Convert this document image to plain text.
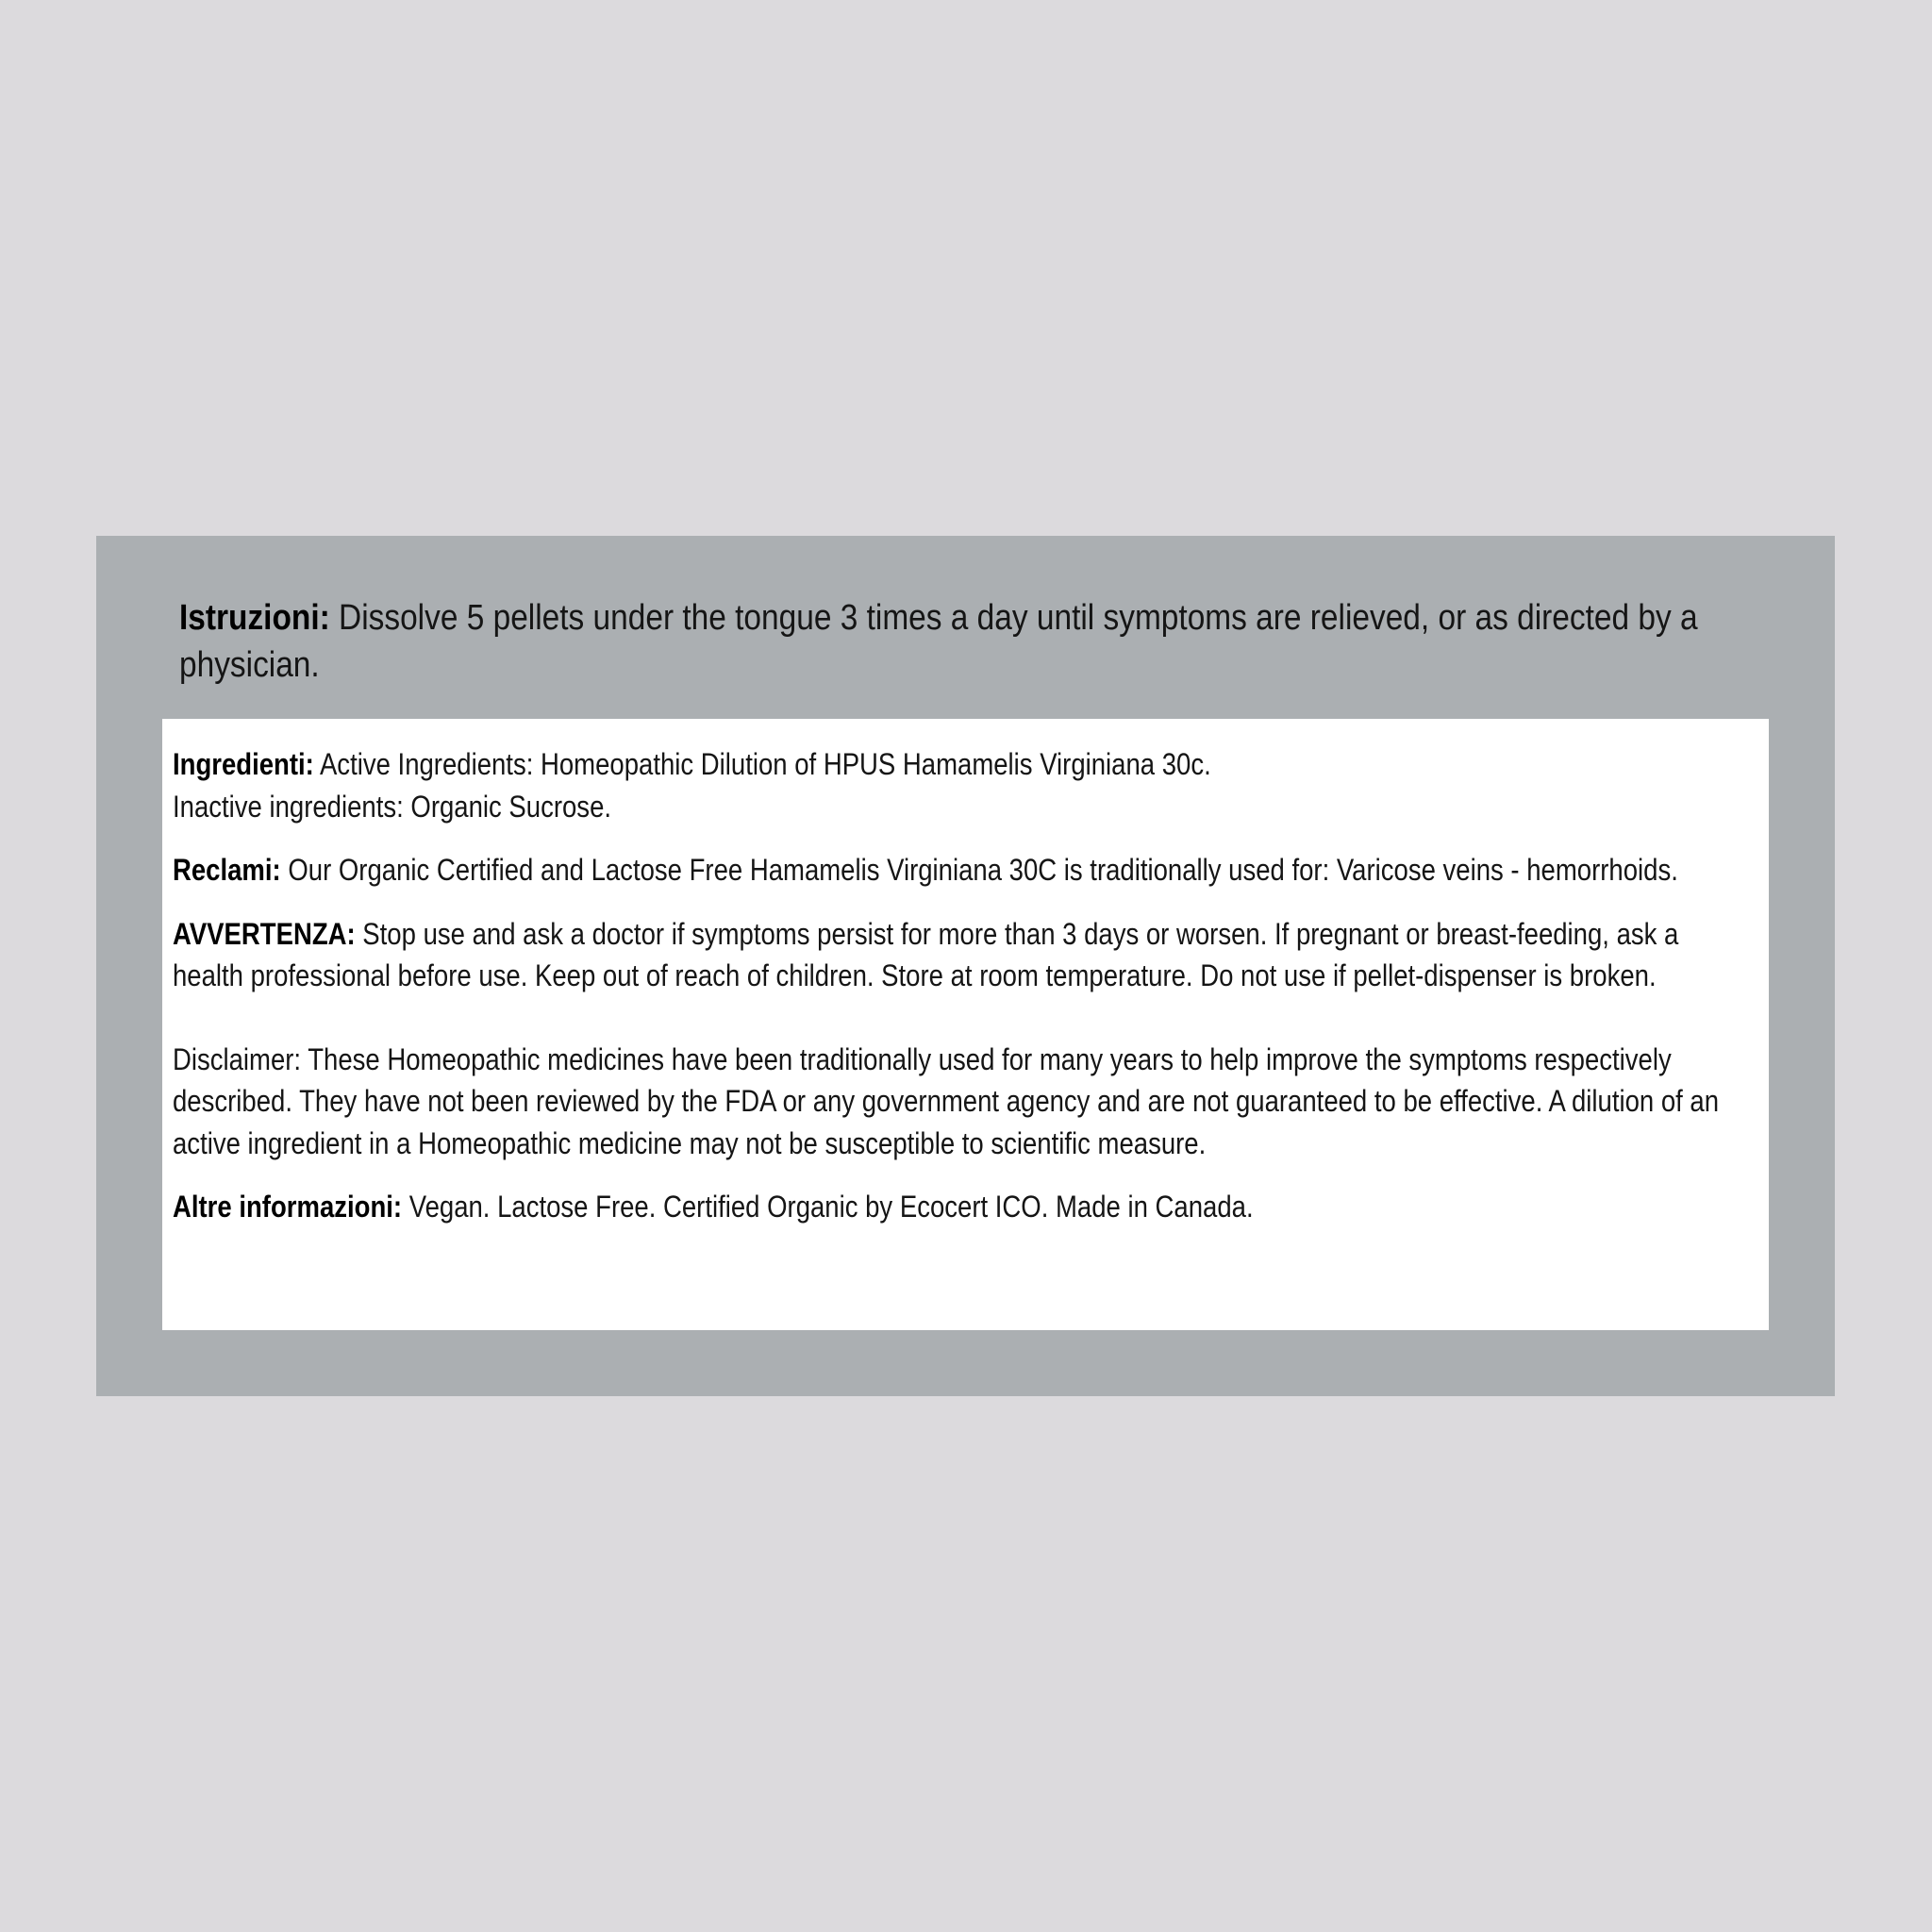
Istruzioni: Dissolve 5 pellets under the tongue 3 times a day until symptoms are relieved, or as directed by a physician.

Ingredienti: Active Ingredients: Homeopathic Dilution of HPUS Hamamelis Virginiana 30c.

Inactive ingredients: Organic Sucrose.

Reclami: Our Organic Certified and Lactose Free Hamamelis Virginiana 30C is traditionally used for: Varicose veins - hemorrhoids.

AVVERTENZA: Stop use and ask a doctor if symptoms persist for more than 3 days or worsen. If pregnant or breast-feeding, ask a health professional before use. Keep out of reach of children. Store at room temperature. Do not use if pellet-dispenser is broken.

Disclaimer: These Homeopathic medicines have been traditionally used for many years to help improve the symptoms respectively described. They have not been reviewed by the FDA or any government agency and are not guaranteed to be effective. A dilution of an active ingredient in a Homeopathic medicine may not be susceptible to scientific measure.

Altre informazioni: Vegan. Lactose Free. Certified Organic by Ecocert ICO. Made in Canada.
